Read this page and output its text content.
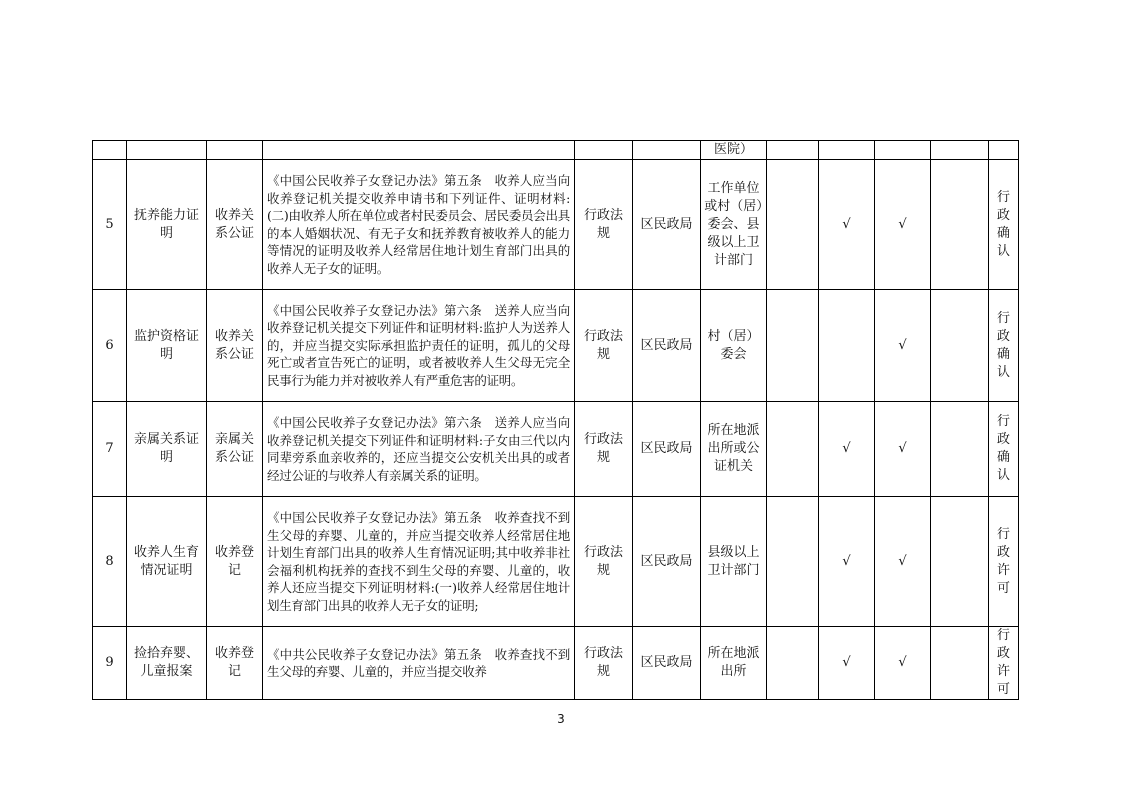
						医院）					
5	抚养能力证明	收养关系公证	《中国公民收养子女登记办法》第五条　收养人应当向收养登记机关提交收养申请书和下列证件、证明材料:(二)由收养人所在单位或者村民委员会、居民委员会出具的本人婚姻状况、有无子女和抚养教育被收养人的能力等情况的证明及收养人经常居住地计划生育部门出具的收养人无子女的证明。	行政法规	区民政局	工作单位或村（居）委会、县级以上卫计部门		√	√		行政确认
6	监护资格证明	收养关系公证	《中国公民收养子女登记办法》第六条　送养人应当向收养登记机关提交下列证件和证明材料:监护人为送养人的，并应当提交实际承担监护责任的证明，孤儿的父母死亡或者宣告死亡的证明，或者被收养人生父母无完全民事行为能力并对被收养人有严重危害的证明。	行政法规	区民政局	村（居）委会			√		行政确认
7	亲属关系证明	亲属关系公证	《中国公民收养子女登记办法》第六条　送养人应当向收养登记机关提交下列证件和证明材料:子女由三代以内同辈旁系血亲收养的，还应当提交公安机关出具的或者经过公证的与收养人有亲属关系的证明。	行政法规	区民政局	所在地派出所或公证机关		√	√		行政确认
8	收养人生育情况证明	收养登记	《中国公民收养子女登记办法》第五条　收养查找不到生父母的弃婴、儿童的，并应当提交收养人经常居住地计划生育部门出具的收养人生育情况证明;其中收养非社会福利机构抚养的查找不到生父母的弃婴、儿童的，收养人还应当提交下列证明材料:(一)收养人经常居住地计划生育部门出具的收养人无子女的证明;	行政法规	区民政局	县级以上卫计部门		√	√		行政许可
9	捡拾弃婴、儿童报案	收养登记	《中共公民收养子女登记办法》第五条　收养查找不到生父母的弃婴、儿童的，并应当提交收养	行政法规	区民政局	所在地派出所		√	√		行政许可
3
